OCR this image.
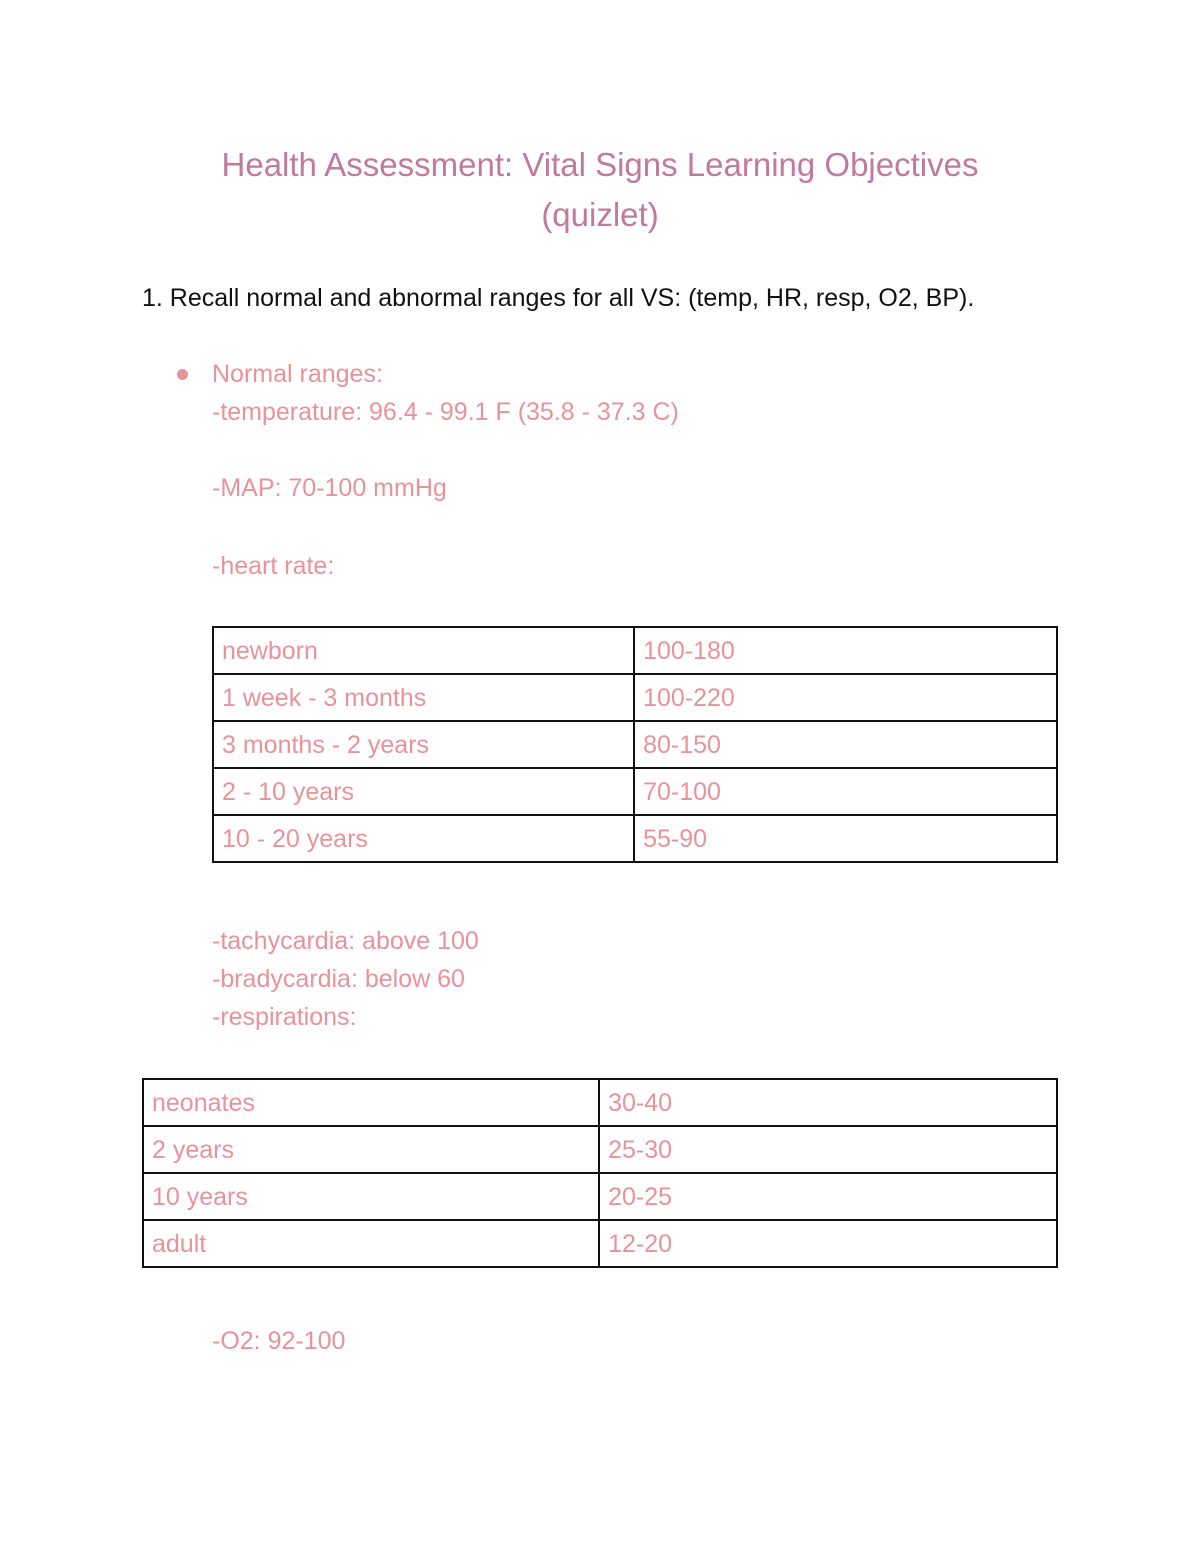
Health Assessment: Vital Signs Learning Objectives
(quizlet)

1. Recall normal and abnormal ranges for all VS: (temp, HR, resp, O2, BP).

Normal ranges:

-temperature: 96.4 - 99.1 F (35.8 - 37.3 C)

-MAP: 70-100 mmHg

-heart rate:

newborn	100-180
1 week - 3 months	100-220
3 months - 2 years	80-150
2 - 10 years	70-100
10 - 20 years	55-90

-tachycardia: above 100

-bradycardia: below 60

-respirations:

neonates	30-40
2 years	25-30
10 years	20-25
adult	12-20

-O2: 92-100
